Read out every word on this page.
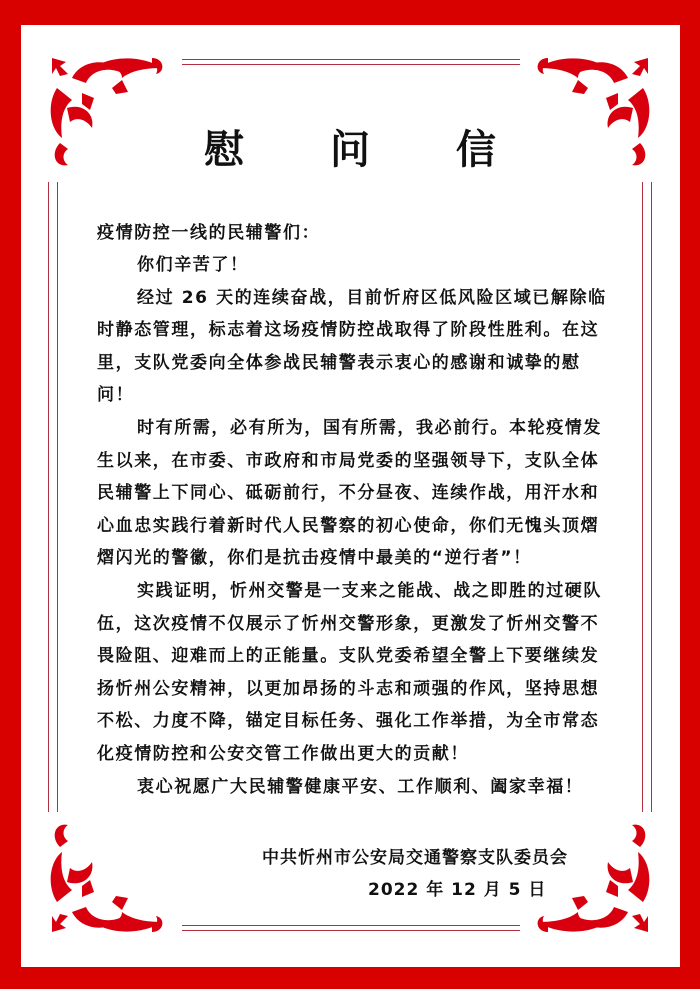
慰 问 信
疫情防控一线的民辅警们：
你们辛苦了！
经过 26 天的连续奋战，目前忻府区低风险区域已解除临
时静态管理，标志着这场疫情防控战取得了阶段性胜利。在这
里，支队党委向全体参战民辅警表示衷心的感谢和诚挚的慰
问！
时有所需，必有所为，国有所需，我必前行。本轮疫情发
生以来，在市委、市政府和市局党委的坚强领导下，支队全体
民辅警上下同心、砥砺前行，不分昼夜、连续作战，用汗水和
心血忠实践行着新时代人民警察的初心使命，你们无愧头顶熠
熠闪光的警徽，你们是抗击疫情中最美的“逆行者”！
实践证明，忻州交警是一支来之能战、战之即胜的过硬队
伍，这次疫情不仅展示了忻州交警形象，更激发了忻州交警不
畏险阻、迎难而上的正能量。支队党委希望全警上下要继续发
扬忻州公安精神，以更加昂扬的斗志和顽强的作风，坚持思想
不松、力度不降，锚定目标任务、强化工作举措，为全市常态
化疫情防控和公安交管工作做出更大的贡献！
衷心祝愿广大民辅警健康平安、工作顺利、阖家幸福！
中共忻州市公安局交通警察支队委员会
2022 年 12 月 5 日
